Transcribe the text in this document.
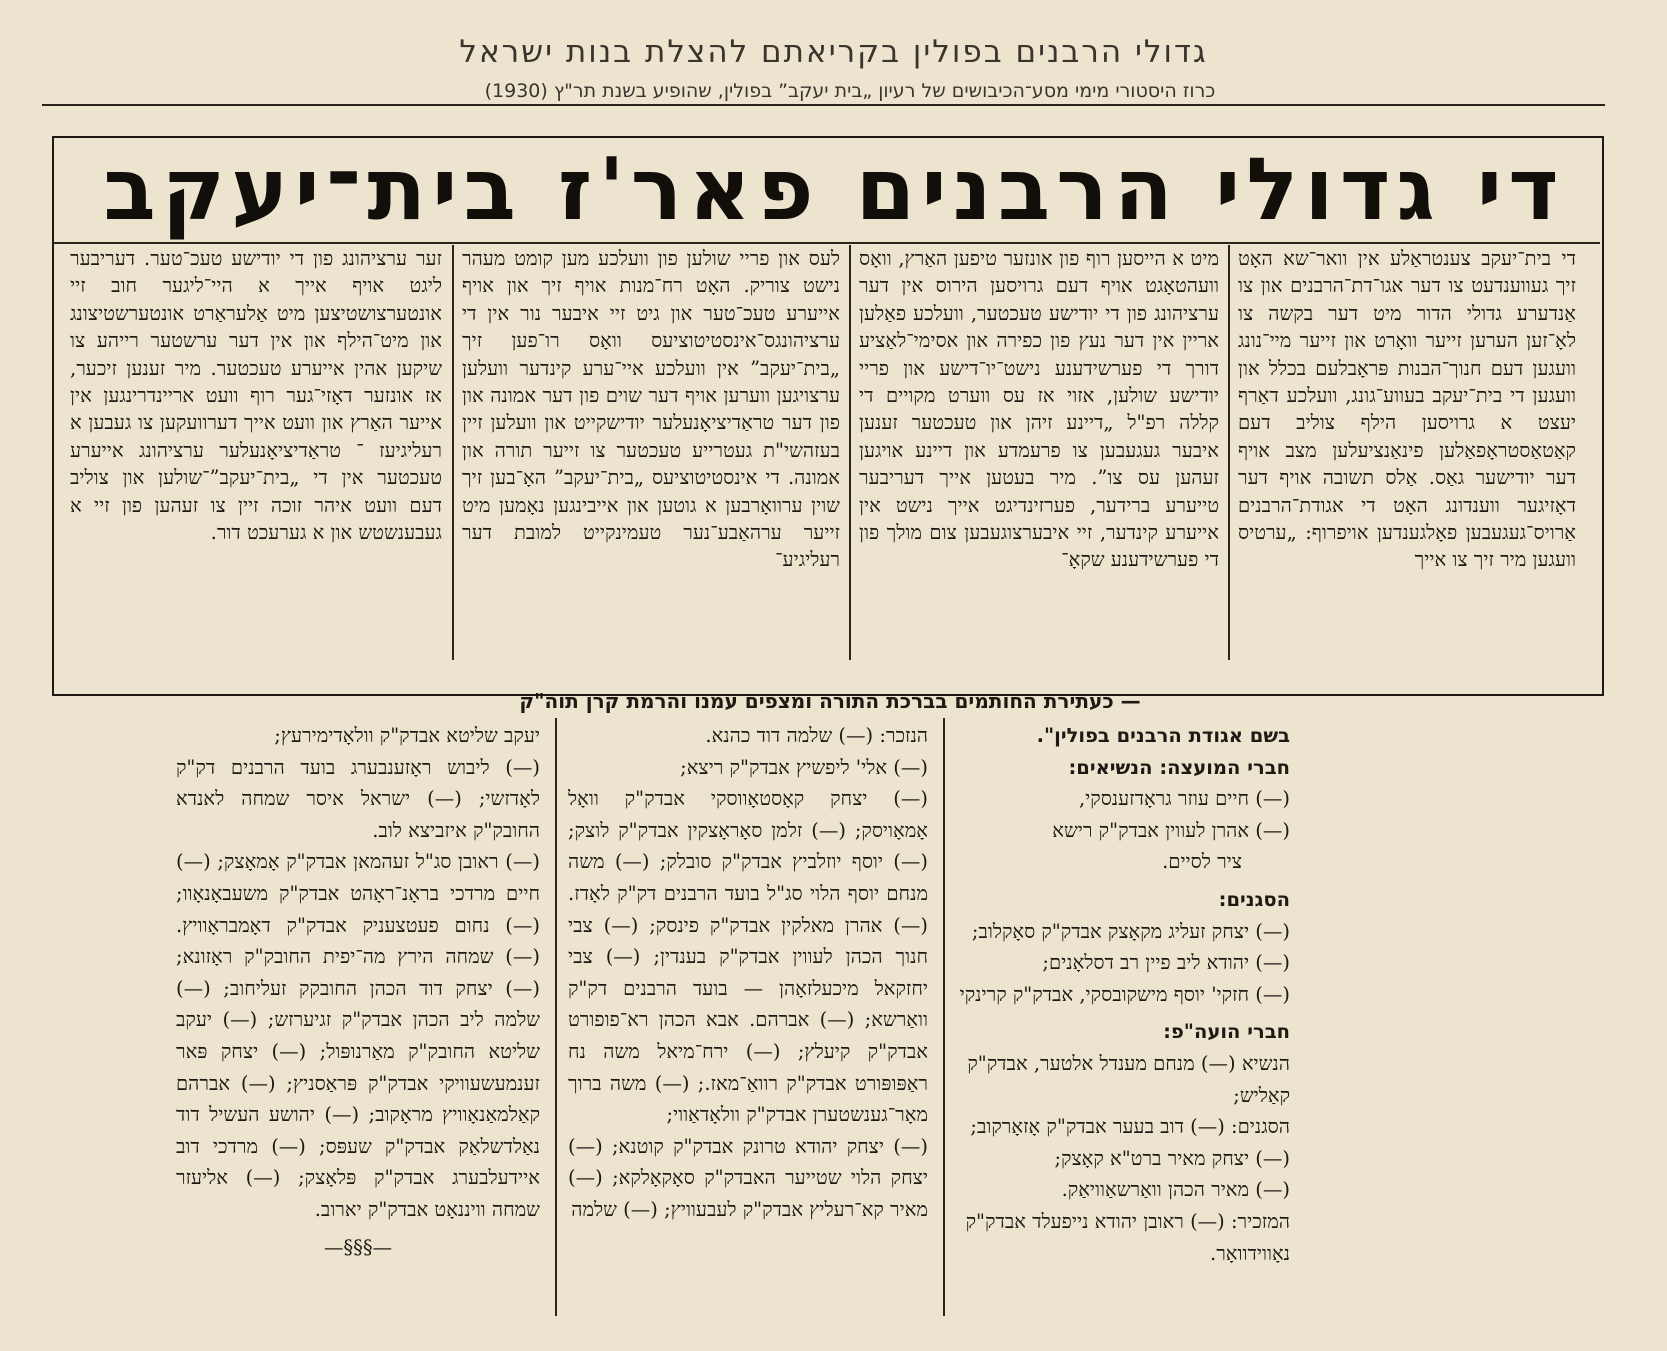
גדולי הרבנים בפולין בקריאתם להצלת בנות ישראל
כרוז היסטורי מימי מסע־הכיבושים של רעיון „בית יעקב” בפולין, שהופיע בשנת תר"ץ (1930)
די גדולי הרבנים פאר'ז בית־יעקב

די בית־יעקב צענטראַלע אין וואר־שא האָט זיך געווענדעט צו דער אגו־דת־הרבנים און צו אַנדערע גדולי הדור מיט דער בקשה צו לאָ־זען הערען זייער וואָרט און זייער מיי־נונג וועגען דעם חנוך־הבנות פּראָבלעם בכלל און וועגען די בית־יעקב בעווע־גונג, וועלכע דאַרף יעצט א גרויסען הילף צוליב דעם קאַטאַסטראָפאַלען פינאַנציעלען מצב אויף דער יודישער גאַס. אַלס תשובה אויף דער דאָזיגער ווענדונג האָט די אגודת־הרבנים אַרויס־געגעבען פאָלגענדען אויפרוף: „ערטיס וועגען מיר זיך צו אייך

מיט א הייסען רוף פון אונזער טיפען האַרץ, וואָס וועהטאָגט אויף דעם גרויסען הירוס אין דער ערציהונג פון די יודישע טעכטער, וועלכע פאַלען אריין אין דער נעץ פון כפירה און אסימי־לאַציע דורך די פערשידענע נישט־יו־דישע און פריי יודישע שולען, אזוי אז עס ווערט מקויים די קללה רפ"ל „דיינע זיהן און טעכטער זענען איבער געגעבען צו פרעמדע און דיינע אויגען זעהען עס צו”. מיר בעטען אייך דעריבער טייערע ברידער, פערזינדיגט אייך נישט אין אייערע קינדער, זיי איבערצוגעבען צום מולך פון די פערשידענע שקאָ־

לעס און פריי שולען פון וועלכע מען קומט מעהר נישט צוריק. האָט רח־מנות אויף זיך און אויף אייערע טעכ־טער און גיט זיי איבער נור אין די ערציהונגס־אינסטיטוציעס וואָס רו־פען זיך „בית־יעקב” אין וועלכע איי־ערע קינדער וועלען ערצויגען ווערען אויף דער שוים פון דער אמונה און פון דער טראַדיציאָנעלער יודישקייט און וועלען זיין בעזהשי"ת געטרייע טעכטער צו זייער תורה און אמונה. די אינסטיטוציעס „בית־יעקב” האָ־בען זיך שוין ערוואָרבען א גוטען און אייבינגען נאָמען מיט זייער ערהאַבע־נער טעמינקייט למובת דער רעליגיע־

זער ערציהונג פון די יודישע טעכ־טער. דעריבער ליגט אויף אייך א היי־ליגער חוב זיי אונטערצושטיצען מיט אַלעראַרט אונטערשטיצונג און מיט־הילף און אין דער ערשטער רייהע צו שיקען אהין אייערע טעכטער. מיר זענען זיכער, אז אונזער דאָזי־גער רוף וועט אריינדרינגען אין אייער האַרץ און וועט אייך דערוועקען צו געבען א רעליגיעז ־ טראַדיציאָנעלער ערציהונג אייערע טעכטער אין די „בית־יעקב”־שולען און צוליב דעם וועט איהר זוכה זיין צו זעהען פון זיי א געבענשטש און א גערעכט דור.

— כעתירת החותמים בברכת התורה ומצפים עמנו והרמת קרן תוה"ק

בשם אגודת הרבנים בפולין".

חברי המועצה: הנשיאים:

(—) חיים עוזר גראָדזענסקי,

(—) אהרן לעווין אבדק"ק רישא

ציר לסיים.

הסגנים:

(—) יצחק זעליג מקאָצק אבדק"ק סאָקלוב;

(—) יהודא ליב פיין רב דסלאָנים;

(—) חזקי' יוסף מישקובסקי, אבדק"ק קרינקי

חברי הועה"פ:

הנשיא (—) מנחם מענדל אלטער, אבדק"ק קאַליש;

הסגנים: (—) דוב בעער אבדק"ק אָזאָרקוב;

(—) יצחק מאיר ברט"א קאָצק;

(—) מאיר הכהן וואַרשאַוויאַק.

המזכיר: (—) ראובן יהודא נייפעלד אבדק"ק נאָווידוואָר.

הנזכר: (—) שלמה דוד כהנא.

(—) אלי' ליפשיץ אבדק"ק ריצא;

(—) יצחק קאָסטאָווסקי אבדק"ק וואָל אָמאָויסק; (—) זלמן סאָראָצקין אבדק"ק לוצק; (—) יוסף יוזלביץ אבדק"ק סובלק; (—) משה מנחם יוסף הלוי סג"ל בועד הרבנים דק"ק לאָדז. (—) אהרן מאלקין אבדק"ק פינסק; (—) צבי חנוך הכהן לעווין אבדק"ק בענדין; (—) צבי יחזקאל מיכעלזאָהן — בועד הרבנים דק"ק וואַרשא; (—) אברהם. אבא הכהן רא־פופורט אבדק"ק קיעלץ; (—) ירח־מיאל משה נח ראַפּופּורט אבדק"ק רוואַ־מאז.; (—) משה ברוך מאָר־גענשטערן אבדק"ק וולאָדאַווי;

(—) יצחק יהודא טרונק אבדק"ק קוטנא; (—) יצחק הלוי שטייער האבדק"ק סאָקאָלקא; (—) מאיר קא־רעליץ אבדק"ק לעבעוויץ; (—) שלמה

יעקב שליטא אבדק"ק וולאָדימירעץ;

(—) ליבוש ראָזענבערג בועד הרבנים דק"ק לאָדזשי; (—) ישראל איסר שמחה לאנדא החובק"ק איזביצא לוב.

(—) ראובן סג"ל זעהמאן אבדק"ק אָמאָצק; (—) חיים מרדכי בראָנ־ראָהט אבדק"ק משעבאָנאָוו; (—) נחום פעטצעניק אבדק"ק דאָמבראָוויץ. (—) שמחה הירץ מה־יפית החובק"ק ראָזונא; (—) יצחק דוד הכהן החובקק זעליחוב; (—) שלמה ליב הכהן אבדק"ק זגיערזש; (—) יעקב שליטא החובק"ק מאַרנופּול; (—) יצחק פּאר זענמעשעוויקי אבדק"ק פּראַסניץ; (—) אברהם קאַלמאַנאָוויץ מראָקוב; (—) יהושע העשיל דוד נאַלדשלאַק אבדק"ק שעפּס; (—) מרדכי דוב איידעלבערג אבדק"ק פּלאָצק; (—) אליעזר שמחה וויננאָט אבדק"ק יארוב.

—§§§—
